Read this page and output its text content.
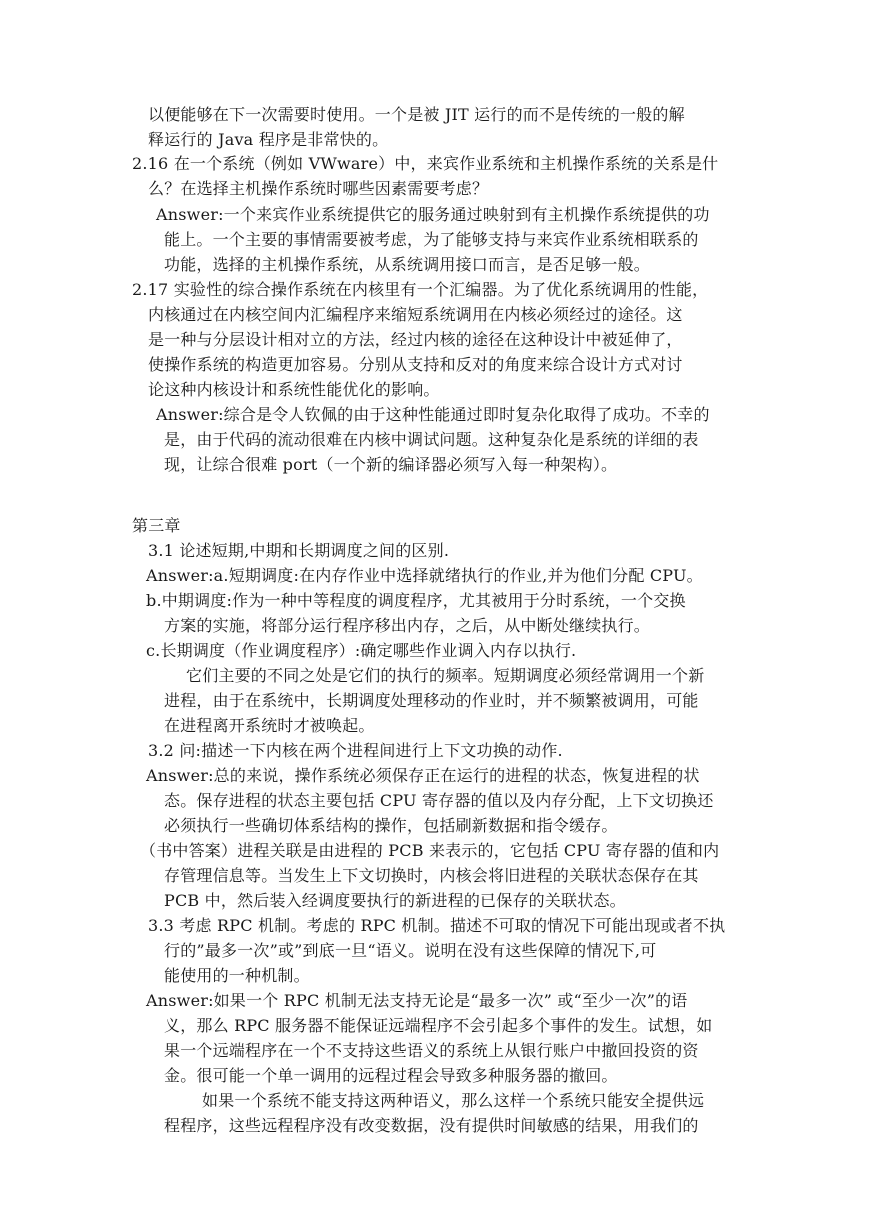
以便能够在下一次需要时使用。一个是被 JIT 运行的而不是传统的一般的解
释运行的 Java 程序是非常快的。
2.16 在一个系统（例如 VWware）中，来宾作业系统和主机操作系统的关系是什
么？在选择主机操作系统时哪些因素需要考虑？
Answer:一个来宾作业系统提供它的服务通过映射到有主机操作系统提供的功
能上。一个主要的事情需要被考虑，为了能够支持与来宾作业系统相联系的
功能，选择的主机操作系统，从系统调用接口而言，是否足够一般。
2.17 实验性的综合操作系统在内核里有一个汇编器。为了优化系统调用的性能，
内核通过在内核空间内汇编程序来缩短系统调用在内核必须经过的途径。这
是一种与分层设计相对立的方法，经过内核的途径在这种设计中被延伸了，
使操作系统的构造更加容易。分别从支持和反对的角度来综合设计方式对讨
论这种内核设计和系统性能优化的影响。
Answer:综合是令人钦佩的由于这种性能通过即时复杂化取得了成功。不幸的
是，由于代码的流动很难在内核中调试问题。这种复杂化是系统的详细的表
现，让综合很难 port（一个新的编译器必须写入每一种架构）。
第三章
3.1 论述短期,中期和长期调度之间的区别.
Answer:a.短期调度:在内存作业中选择就绪执行的作业,并为他们分配 CPU。
b.中期调度:作为一种中等程度的调度程序，尤其被用于分时系统，一个交换
方案的实施，将部分运行程序移出内存，之后，从中断处继续执行。
c.长期调度（作业调度程序）:确定哪些作业调入内存以执行.
它们主要的不同之处是它们的执行的频率。短期调度必须经常调用一个新
进程，由于在系统中，长期调度处理移动的作业时，并不频繁被调用，可能
在进程离开系统时才被唤起。
3.2 问:描述一下内核在两个进程间进行上下文功换的动作.
Answer:总的来说，操作系统必须保存正在运行的进程的状态，恢复进程的状
态。保存进程的状态主要包括 CPU 寄存器的值以及内存分配，上下文切换还
必须执行一些确切体系结构的操作，包括刷新数据和指令缓存。
（书中答案）进程关联是由进程的 PCB 来表示的，它包括 CPU 寄存器的值和内
存管理信息等。当发生上下文切换时，内核会将旧进程的关联状态保存在其
PCB 中，然后装入经调度要执行的新进程的已保存的关联状态。
3.3 考虑 RPC 机制。考虑的 RPC 机制。描述不可取的情况下可能出现或者不执
行的”最多一次”或”到底一旦“语义。说明在没有这些保障的情况下,可
能使用的一种机制。
Answer:如果一个 RPC 机制无法支持无论是“最多一次” 或“至少一次”的语
义，那么 RPC 服务器不能保证远端程序不会引起多个事件的发生。试想，如
果一个远端程序在一个不支持这些语义的系统上从银行账户中撤回投资的资
金。很可能一个单一调用的远程过程会导致多种服务器的撤回。
如果一个系统不能支持这两种语义，那么这样一个系统只能安全提供远
程程序，这些远程程序没有改变数据，没有提供时间敏感的结果，用我们的
